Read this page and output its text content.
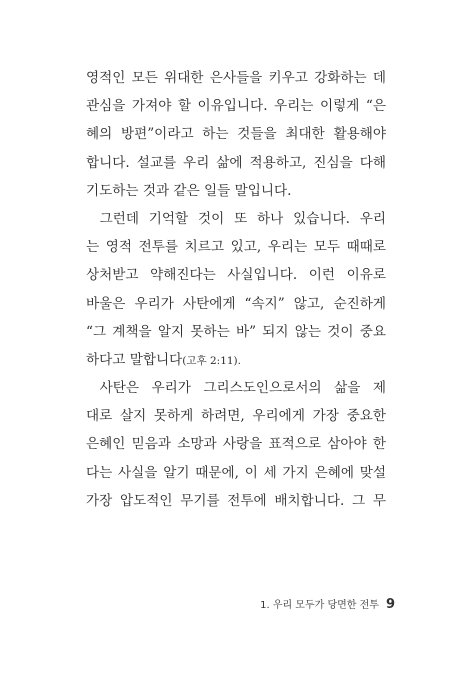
영적인 모든 위대한 은사들을 키우고 강화하는 데

관심을 가져야 할 이유입니다. 우리는 이렇게 “은

혜의 방편”이라고 하는 것들을 최대한 활용해야

합니다. 설교를 우리 삶에 적용하고, 진심을 다해

기도하는 것과 같은 일들 말입니다.

그런데 기억할 것이 또 하나 있습니다. 우리

는 영적 전투를 치르고 있고, 우리는 모두 때때로

상처받고 약해진다는 사실입니다. 이런 이유로

바울은 우리가 사탄에게 “속지” 않고, 순진하게

“그 계책을 알지 못하는 바” 되지 않는 것이 중요

하다고 말합니다(고후 2:11).

사탄은 우리가 그리스도인으로서의 삶을 제

대로 살지 못하게 하려면, 우리에게 가장 중요한

은혜인 믿음과 소망과 사랑을 표적으로 삼아야 한

다는 사실을 알기 때문에, 이 세 가지 은혜에 맞설

가장 압도적인 무기를 전투에 배치합니다. 그 무

1. 우리 모두가 당면한 전투 9
